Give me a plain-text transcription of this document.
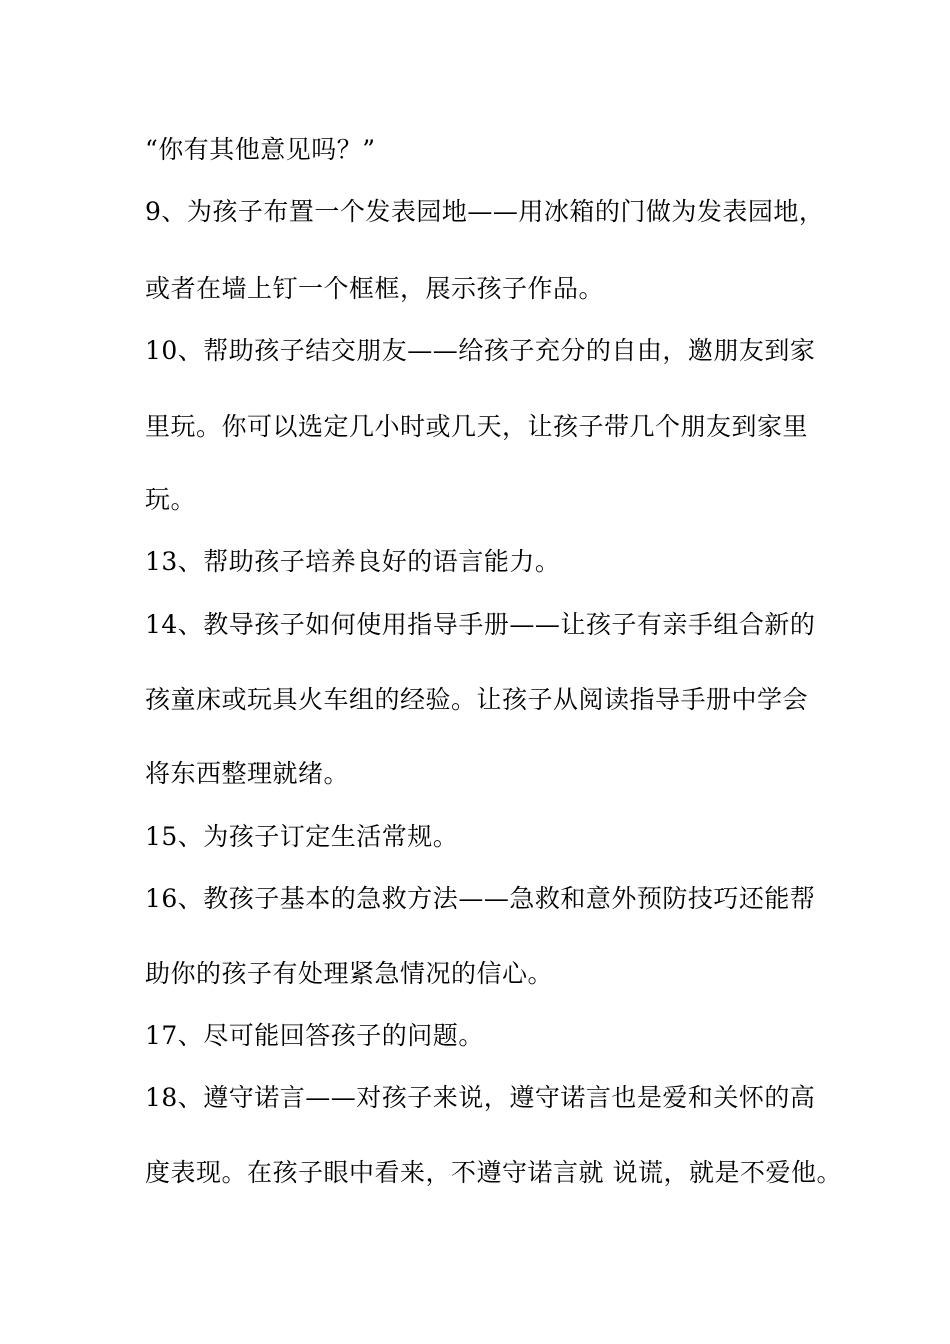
“你有其他意见吗？”
9、为孩子布置一个发表园地——用冰箱的门做为发表园地，
或者在墙上钉一个框框，展示孩子作品。
10、帮助孩子结交朋友——给孩子充分的自由，邀朋友到家
里玩。你可以选定几小时或几天，让孩子带几个朋友到家里
玩。
13、帮助孩子培养良好的语言能力。
14、教导孩子如何使用指导手册——让孩子有亲手组合新的
孩童床或玩具火车组的经验。让孩子从阅读指导手册中学会
将东西整理就绪。
15、为孩子订定生活常规。
16、教孩子基本的急救方法——急救和意外预防技巧还能帮
助你的孩子有处理紧急情况的信心。
17、尽可能回答孩子的问题。
18、遵守诺言——对孩子来说，遵守诺言也是爱和关怀的高
度表现。在孩子眼中看来，不遵守诺言就 说谎，就是不爱他。
